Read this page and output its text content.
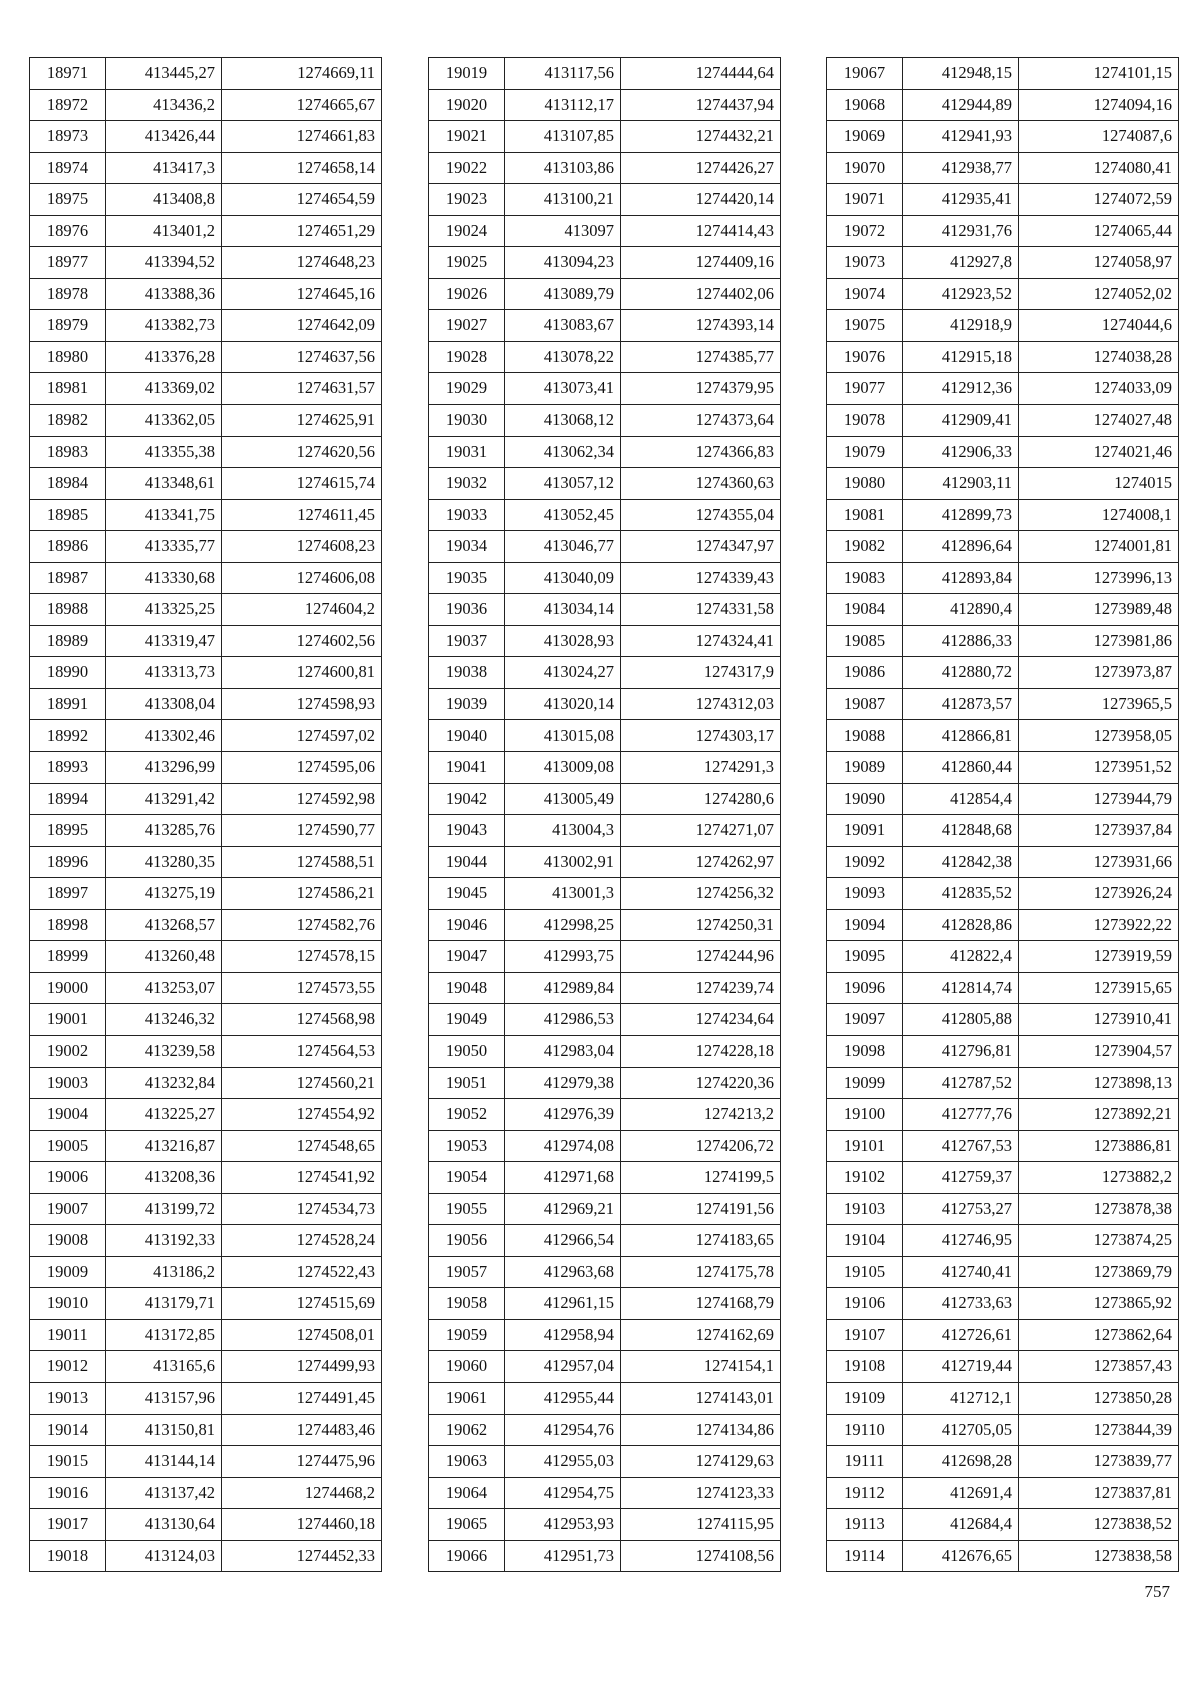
18971	413445,27	1274669,11
18972	413436,2	1274665,67
18973	413426,44	1274661,83
18974	413417,3	1274658,14
18975	413408,8	1274654,59
18976	413401,2	1274651,29
18977	413394,52	1274648,23
18978	413388,36	1274645,16
18979	413382,73	1274642,09
18980	413376,28	1274637,56
18981	413369,02	1274631,57
18982	413362,05	1274625,91
18983	413355,38	1274620,56
18984	413348,61	1274615,74
18985	413341,75	1274611,45
18986	413335,77	1274608,23
18987	413330,68	1274606,08
18988	413325,25	1274604,2
18989	413319,47	1274602,56
18990	413313,73	1274600,81
18991	413308,04	1274598,93
18992	413302,46	1274597,02
18993	413296,99	1274595,06
18994	413291,42	1274592,98
18995	413285,76	1274590,77
18996	413280,35	1274588,51
18997	413275,19	1274586,21
18998	413268,57	1274582,76
18999	413260,48	1274578,15
19000	413253,07	1274573,55
19001	413246,32	1274568,98
19002	413239,58	1274564,53
19003	413232,84	1274560,21
19004	413225,27	1274554,92
19005	413216,87	1274548,65
19006	413208,36	1274541,92
19007	413199,72	1274534,73
19008	413192,33	1274528,24
19009	413186,2	1274522,43
19010	413179,71	1274515,69
19011	413172,85	1274508,01
19012	413165,6	1274499,93
19013	413157,96	1274491,45
19014	413150,81	1274483,46
19015	413144,14	1274475,96
19016	413137,42	1274468,2
19017	413130,64	1274460,18
19018	413124,03	1274452,33
19019	413117,56	1274444,64
19020	413112,17	1274437,94
19021	413107,85	1274432,21
19022	413103,86	1274426,27
19023	413100,21	1274420,14
19024	413097	1274414,43
19025	413094,23	1274409,16
19026	413089,79	1274402,06
19027	413083,67	1274393,14
19028	413078,22	1274385,77
19029	413073,41	1274379,95
19030	413068,12	1274373,64
19031	413062,34	1274366,83
19032	413057,12	1274360,63
19033	413052,45	1274355,04
19034	413046,77	1274347,97
19035	413040,09	1274339,43
19036	413034,14	1274331,58
19037	413028,93	1274324,41
19038	413024,27	1274317,9
19039	413020,14	1274312,03
19040	413015,08	1274303,17
19041	413009,08	1274291,3
19042	413005,49	1274280,6
19043	413004,3	1274271,07
19044	413002,91	1274262,97
19045	413001,3	1274256,32
19046	412998,25	1274250,31
19047	412993,75	1274244,96
19048	412989,84	1274239,74
19049	412986,53	1274234,64
19050	412983,04	1274228,18
19051	412979,38	1274220,36
19052	412976,39	1274213,2
19053	412974,08	1274206,72
19054	412971,68	1274199,5
19055	412969,21	1274191,56
19056	412966,54	1274183,65
19057	412963,68	1274175,78
19058	412961,15	1274168,79
19059	412958,94	1274162,69
19060	412957,04	1274154,1
19061	412955,44	1274143,01
19062	412954,76	1274134,86
19063	412955,03	1274129,63
19064	412954,75	1274123,33
19065	412953,93	1274115,95
19066	412951,73	1274108,56
19067	412948,15	1274101,15
19068	412944,89	1274094,16
19069	412941,93	1274087,6
19070	412938,77	1274080,41
19071	412935,41	1274072,59
19072	412931,76	1274065,44
19073	412927,8	1274058,97
19074	412923,52	1274052,02
19075	412918,9	1274044,6
19076	412915,18	1274038,28
19077	412912,36	1274033,09
19078	412909,41	1274027,48
19079	412906,33	1274021,46
19080	412903,11	1274015
19081	412899,73	1274008,1
19082	412896,64	1274001,81
19083	412893,84	1273996,13
19084	412890,4	1273989,48
19085	412886,33	1273981,86
19086	412880,72	1273973,87
19087	412873,57	1273965,5
19088	412866,81	1273958,05
19089	412860,44	1273951,52
19090	412854,4	1273944,79
19091	412848,68	1273937,84
19092	412842,38	1273931,66
19093	412835,52	1273926,24
19094	412828,86	1273922,22
19095	412822,4	1273919,59
19096	412814,74	1273915,65
19097	412805,88	1273910,41
19098	412796,81	1273904,57
19099	412787,52	1273898,13
19100	412777,76	1273892,21
19101	412767,53	1273886,81
19102	412759,37	1273882,2
19103	412753,27	1273878,38
19104	412746,95	1273874,25
19105	412740,41	1273869,79
19106	412733,63	1273865,92
19107	412726,61	1273862,64
19108	412719,44	1273857,43
19109	412712,1	1273850,28
19110	412705,05	1273844,39
19111	412698,28	1273839,77
19112	412691,4	1273837,81
19113	412684,4	1273838,52
19114	412676,65	1273838,58
757
